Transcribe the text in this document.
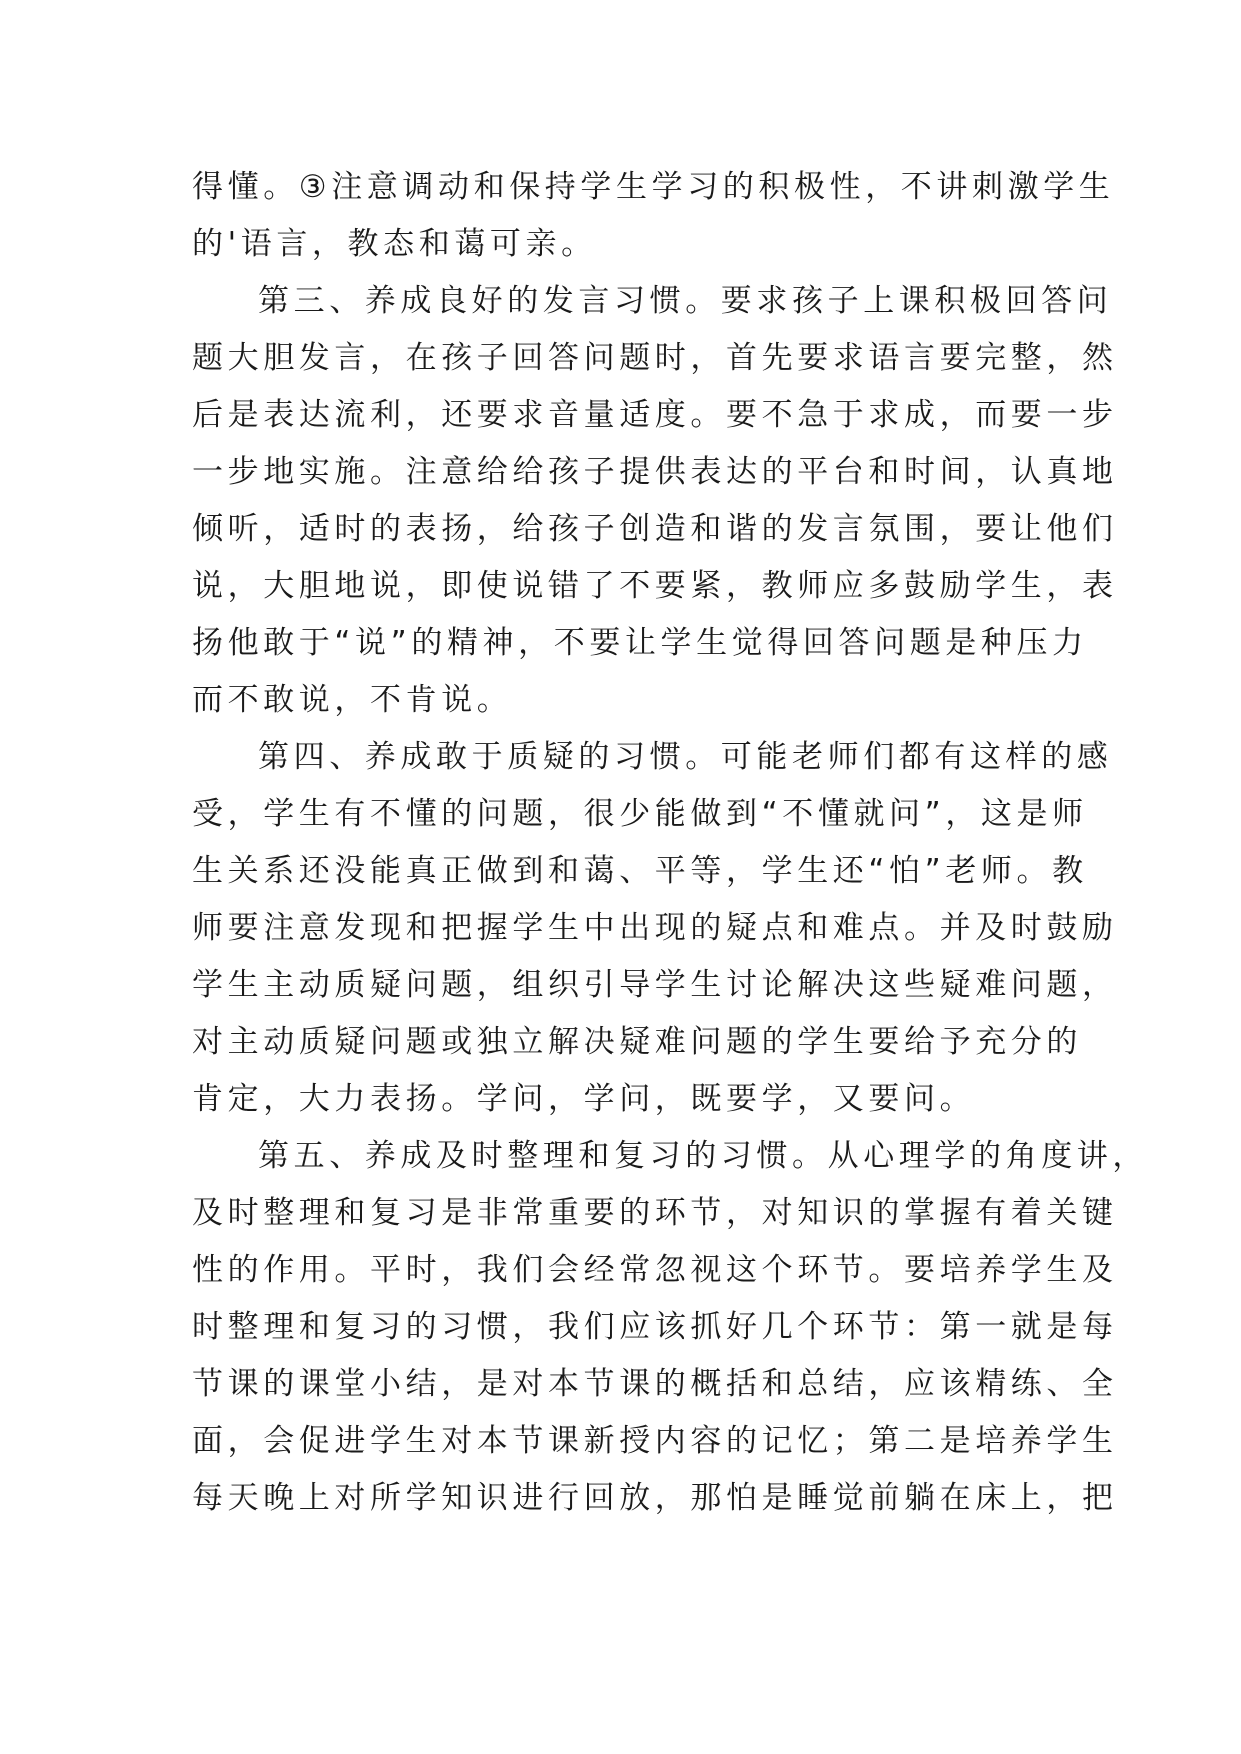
得懂。③注意调动和保持学生学习的积极性，不讲刺激学生
的'语言，教态和蔼可亲。
第三、养成良好的发言习惯。要求孩子上课积极回答问
题大胆发言，在孩子回答问题时，首先要求语言要完整，然
后是表达流利，还要求音量适度。要不急于求成，而要一步
一步地实施。注意给给孩子提供表达的平台和时间，认真地
倾听，适时的表扬，给孩子创造和谐的发言氛围，要让他们
说，大胆地说，即使说错了不要紧，教师应多鼓励学生，表
扬他敢于“说”的精神，不要让学生觉得回答问题是种压力
而不敢说，不肯说。
第四、养成敢于质疑的习惯。可能老师们都有这样的感
受，学生有不懂的问题，很少能做到“不懂就问”，这是师
生关系还没能真正做到和蔼、平等，学生还“怕”老师。教
师要注意发现和把握学生中出现的疑点和难点。并及时鼓励
学生主动质疑问题，组织引导学生讨论解决这些疑难问题，
对主动质疑问题或独立解决疑难问题的学生要给予充分的
肯定，大力表扬。学问，学问，既要学，又要问。
第五、养成及时整理和复习的习惯。从心理学的角度讲，
及时整理和复习是非常重要的环节，对知识的掌握有着关键
性的作用。平时，我们会经常忽视这个环节。要培养学生及
时整理和复习的习惯，我们应该抓好几个环节：第一就是每
节课的课堂小结，是对本节课的概括和总结，应该精练、全
面，会促进学生对本节课新授内容的记忆；第二是培养学生
每天晚上对所学知识进行回放，那怕是睡觉前躺在床上，把
